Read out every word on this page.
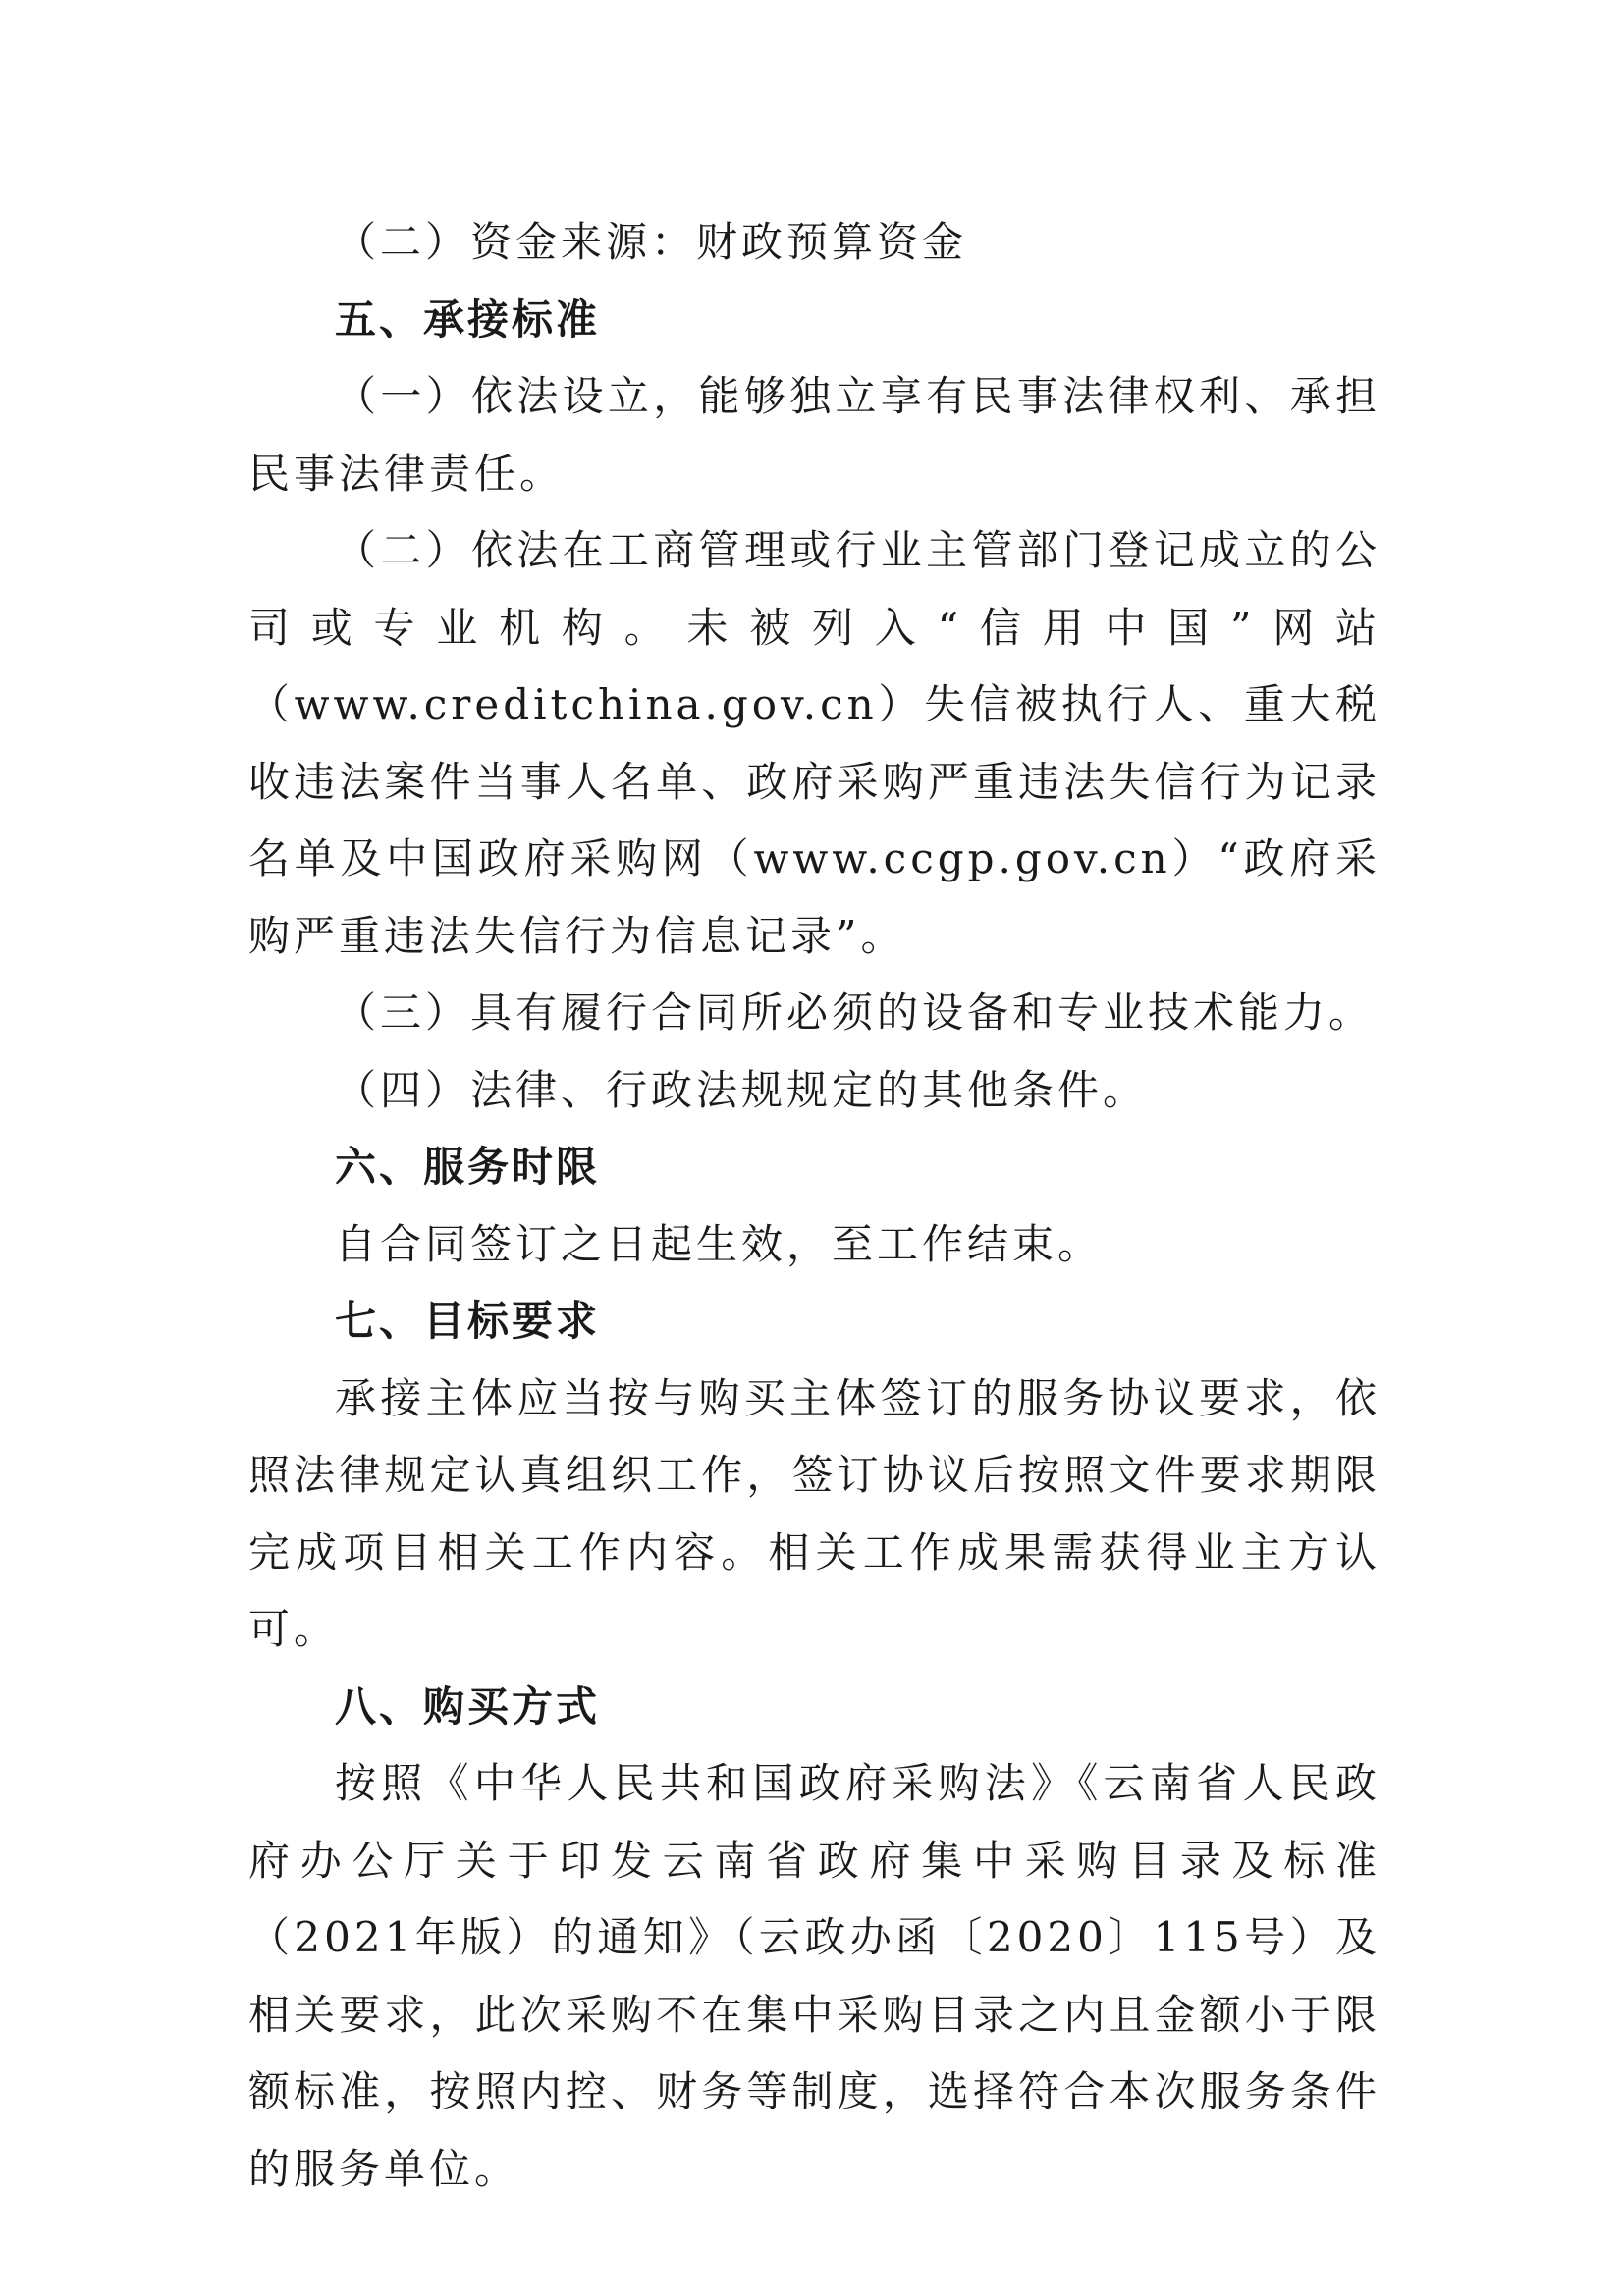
（二）资金来源：财政预算资金

五、承接标准

（一）依法设立，能够独立享有民事法律权利、承担民事法律责任。

（二）依法在工商管理或行业主管部门登记成立的公司或专业机构。未被列入“信用中国”网站（www.creditchina.gov.cn）失信被执行人、重大税收违法案件当事人名单、政府采购严重违法失信行为记录名单及中国政府采购网（www.ccgp.gov.cn）“政府采购严重违法失信行为信息记录”。

（三）具有履行合同所必须的设备和专业技术能力。

（四）法律、行政法规规定的其他条件。

六、服务时限

自合同签订之日起生效，至工作结束。

七、目标要求

承接主体应当按与购买主体签订的服务协议要求，依照法律规定认真组织工作，签订协议后按照文件要求期限完成项目相关工作内容。相关工作成果需获得业主方认可。

八、购买方式

按照《中华人民共和国政府采购法》《云南省人民政府办公厅关于印发云南省政府集中采购目录及标准（2021年版）的通知》（云政办函〔2020〕115号）及相关要求，此次采购不在集中采购目录之内且金额小于限额标准，按照内控、财务等制度，选择符合本次服务条件的服务单位。
